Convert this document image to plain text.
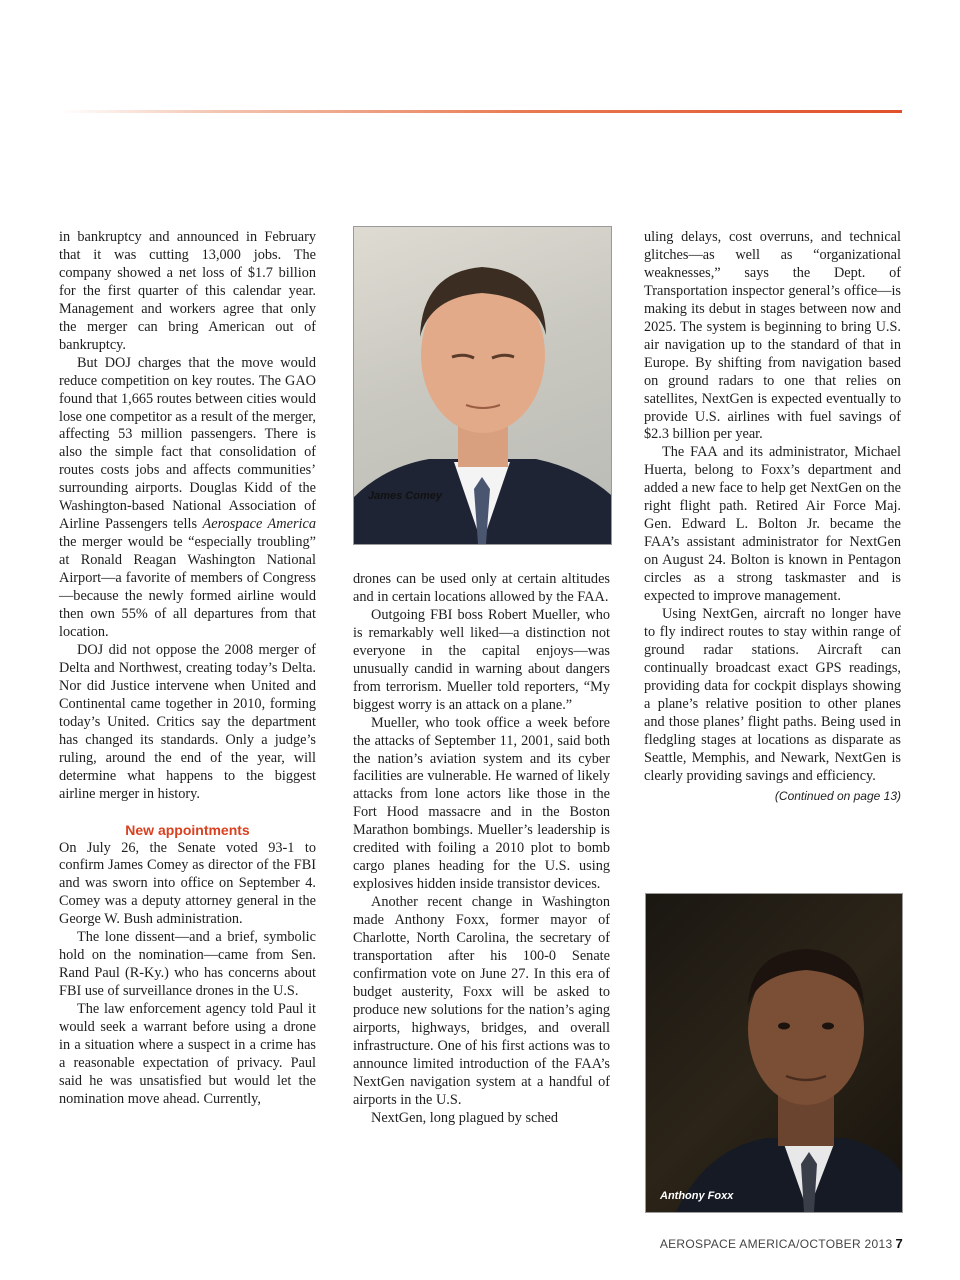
in bankruptcy and announced in February that it was cutting 13,000 jobs. The company showed a net loss of $1.7 billion for the first quarter of this calendar year. Management and workers agree that only the merger can bring American out of bankruptcy.

But DOJ charges that the move would reduce competition on key routes. The GAO found that 1,665 routes between cities would lose one competitor as a result of the merger, affecting 53 million passengers. There is also the simple fact that consolidation of routes costs jobs and affects communities’ surrounding airports. Douglas Kidd of the Washington-based National Association of Airline Passengers tells Aerospace America the merger would be “especially troubling” at Ronald Reagan Washington National Airport—a favorite of members of Congress—because the newly formed airline would then own 55% of all departures from that location.

DOJ did not oppose the 2008 merger of Delta and Northwest, creating today’s Delta. Nor did Justice intervene when United and Continental came together in 2010, forming today’s United. Critics say the department has changed its standards. Only a judge’s ruling, around the end of the year, will determine what happens to the biggest airline merger in history.

New appointments

On July 26, the Senate voted 93-1 to confirm James Comey as director of the FBI and was sworn into office on September 4. Comey was a deputy attorney general in the George W. Bush administration.

The lone dissent—and a brief, symbolic hold on the nomination—came from Sen. Rand Paul (R-Ky.) who has concerns about FBI use of surveillance drones in the U.S.

The law enforcement agency told Paul it would seek a warrant before using a drone in a situation where a suspect in a crime has a reasonable expectation of privacy. Paul said he was unsatisfied but would let the nomination move ahead. Currently,

James Comey

drones can be used only at certain altitudes and in certain locations allowed by the FAA.

Outgoing FBI boss Robert Mueller, who is remarkably well liked—a distinction not everyone in the capital enjoys—was unusually candid in warning about dangers from terrorism. Mueller told reporters, “My biggest worry is an attack on a plane.”

Mueller, who took office a week before the attacks of September 11, 2001, said both the nation’s aviation system and its cyber facilities are vulnerable. He warned of likely attacks from lone actors like those in the Fort Hood massacre and in the Boston Marathon bombings. Mueller’s leadership is credited with foiling a 2010 plot to bomb cargo planes heading for the U.S. using explosives hidden inside transistor devices.

Another recent change in Washington made Anthony Foxx, former mayor of Charlotte, North Carolina, the secretary of transportation after his 100-0 Senate confirmation vote on June 27. In this era of budget austerity, Foxx will be asked to produce new solutions for the nation’s aging airports, highways, bridges, and overall infrastructure. One of his first actions was to announce limited introduction of the FAA’s NextGen navigation system at a handful of airports in the U.S.

NextGen, long plagued by sched

uling delays, cost overruns, and technical glitches—as well as “organizational weaknesses,” says the Dept. of Transportation inspector general’s office—is making its debut in stages between now and 2025. The system is beginning to bring U.S. air navigation up to the standard of that in Europe. By shifting from navigation based on ground radars to one that relies on satellites, NextGen is expected eventually to provide U.S. airlines with fuel savings of $2.3 billion per year.

The FAA and its administrator, Michael Huerta, belong to Foxx’s department and added a new face to help get NextGen on the right flight path. Retired Air Force Maj. Gen. Edward L. Bolton Jr. became the FAA’s assistant administrator for NextGen on August 24. Bolton is known in Pentagon circles as a strong taskmaster and is expected to improve management.

Using NextGen, aircraft no longer have to fly indirect routes to stay within range of ground radar stations. Aircraft can continually broadcast exact GPS readings, providing data for cockpit displays showing a plane’s relative position to other planes and those planes’ flight paths. Being used in fledgling stages at locations as disparate as Seattle, Memphis, and Newark, NextGen is clearly providing savings and efficiency.

(Continued on page 13)

Anthony Foxx
AEROSPACE AMERICA/OCTOBER 2013 7
